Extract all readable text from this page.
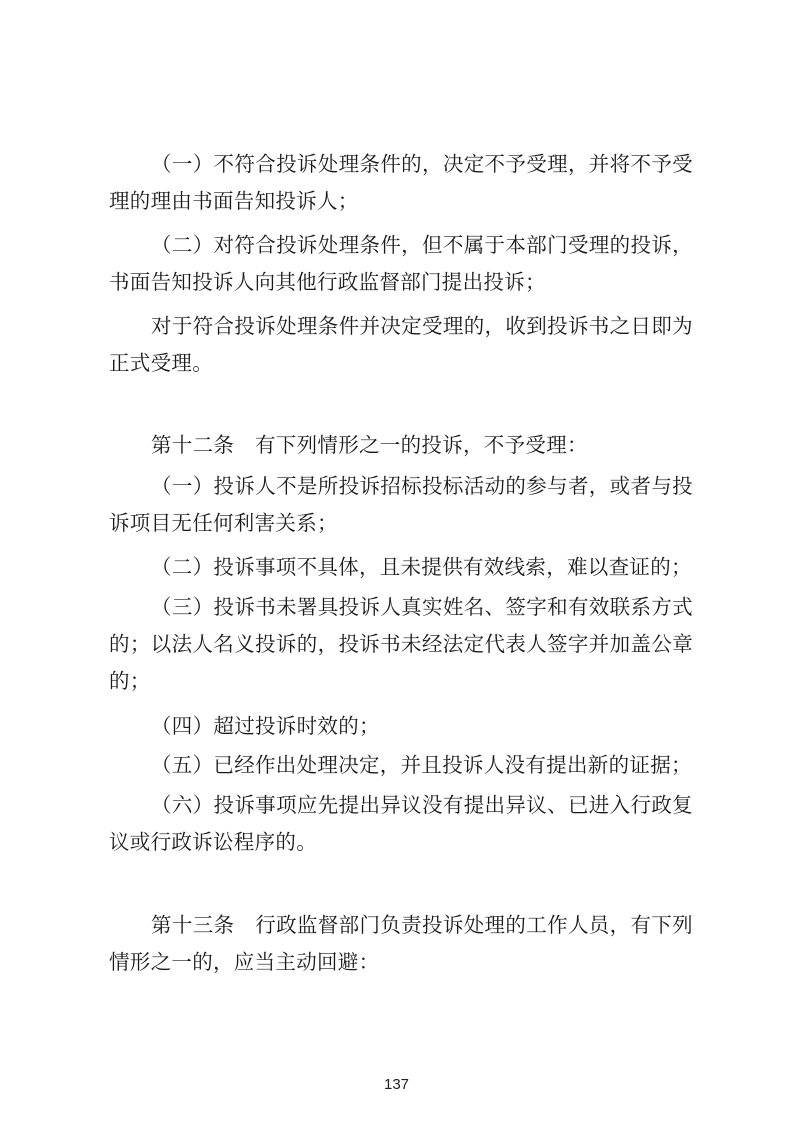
（一）不符合投诉处理条件的，决定不予受理，并将不予受理的理由书面告知投诉人；

（二）对符合投诉处理条件，但不属于本部门受理的投诉，书面告知投诉人向其他行政监督部门提出投诉；

对于符合投诉处理条件并决定受理的，收到投诉书之日即为正式受理。

第十二条　有下列情形之一的投诉，不予受理：

（一）投诉人不是所投诉招标投标活动的参与者，或者与投诉项目无任何利害关系；

（二）投诉事项不具体，且未提供有效线索，难以查证的；

（三）投诉书未署具投诉人真实姓名、签字和有效联系方式的；以法人名义投诉的，投诉书未经法定代表人签字并加盖公章的；

（四）超过投诉时效的；

（五）已经作出处理决定，并且投诉人没有提出新的证据；

（六）投诉事项应先提出异议没有提出异议、已进入行政复议或行政诉讼程序的。

第十三条　行政监督部门负责投诉处理的工作人员，有下列情形之一的，应当主动回避：

137
